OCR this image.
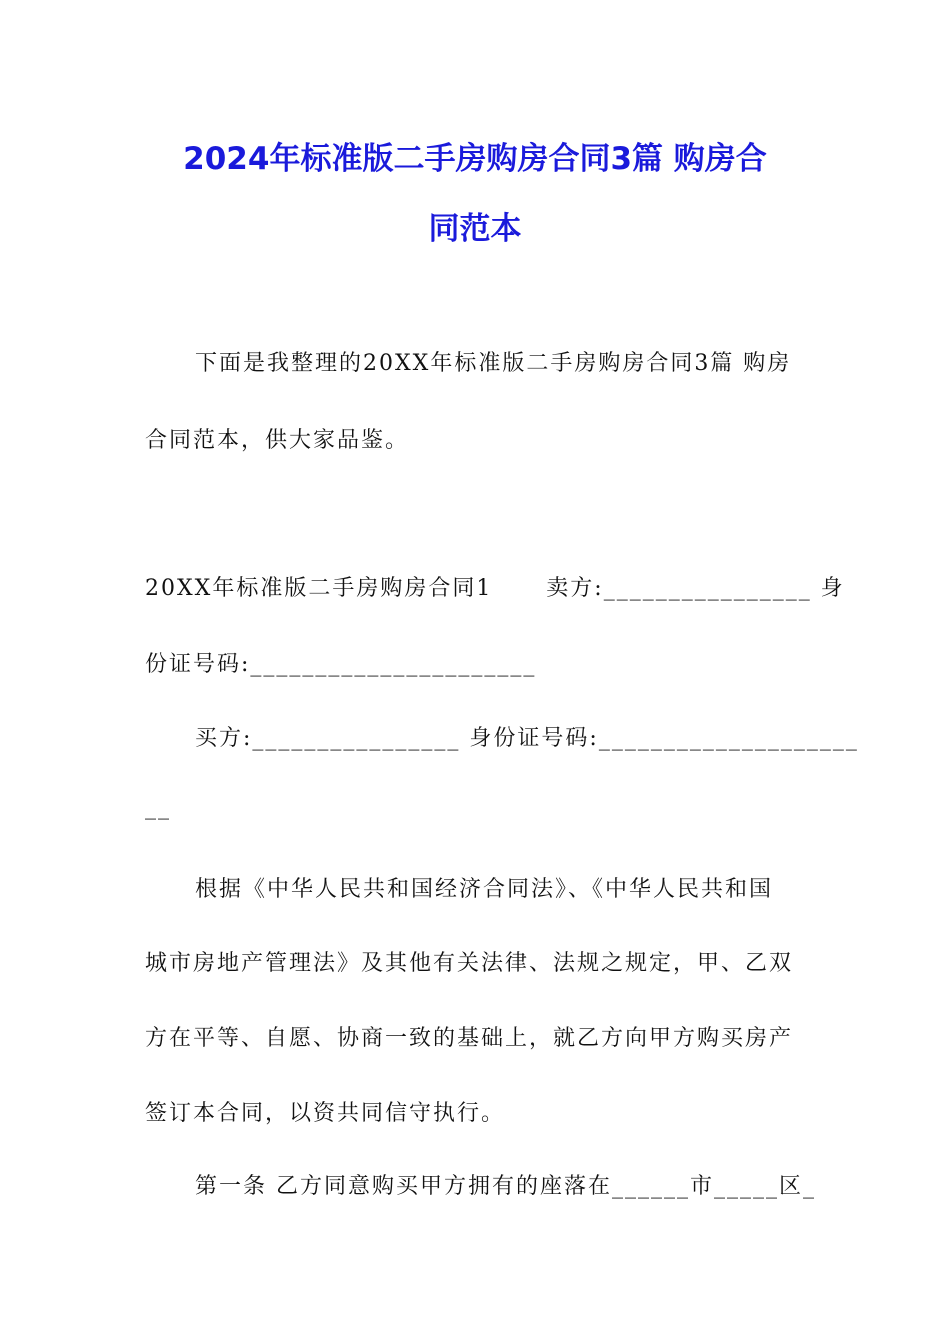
2024年标准版二手房购房合同3篇 购房合
同范本
下面是我整理的20XX年标准版二手房购房合同3篇 购房
合同范本，供大家品鉴。
20XX年标准版二手房购房合同1      卖方:________________ 身
份证号码:______________________
买方:________________ 身份证号码:____________________
__
根据《中华人民共和国经济合同法》、《中华人民共和国
城市房地产管理法》及其他有关法律、法规之规定，甲、乙双
方在平等、自愿、协商一致的基础上，就乙方向甲方购买房产
签订本合同，以资共同信守执行。
第一条 乙方同意购买甲方拥有的座落在______市_____区_
